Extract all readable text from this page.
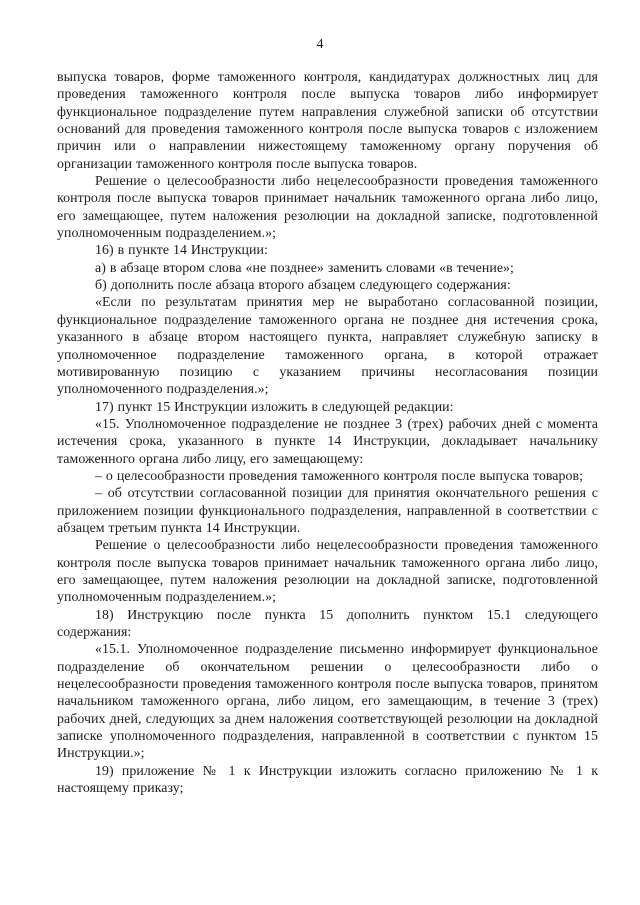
4

выпуска товаров, форме таможенного контроля, кандидатурах должностных лиц для проведения таможенного контроля после выпуска товаров либо информирует функциональное подразделение путем направления служебной записки об отсутствии оснований для проведения таможенного контроля после выпуска товаров с изложением причин или о направлении нижестоящему таможенному органу поручения об организации таможенного контроля после выпуска товаров.

Решение о целесообразности либо нецелесообразности проведения таможенного контроля после выпуска товаров принимает начальник таможенного органа либо лицо, его замещающее, путем наложения резолюции на докладной записке, подготовленной уполномоченным подразделением.»;

16) в пункте 14 Инструкции:

а) в абзаце втором слова «не позднее» заменить словами «в течение»;

б) дополнить после абзаца второго абзацем следующего содержания:

«Если по результатам принятия мер не выработано согласованной позиции, функциональное подразделение таможенного органа не позднее дня истечения срока, указанного в абзаце втором настоящего пункта, направляет служебную записку в уполномоченное подразделение таможенного органа, в которой отражает мотивированную позицию с указанием причины несогласования позиции уполномоченного подразделения.»;

17) пункт 15 Инструкции изложить в следующей редакции:

«15. Уполномоченное подразделение не позднее 3 (трех) рабочих дней с момента истечения срока, указанного в пункте 14 Инструкции, докладывает начальнику таможенного органа либо лицу, его замещающему:

– о целесообразности проведения таможенного контроля после выпуска товаров;

– об отсутствии согласованной позиции для принятия окончательного решения с приложением позиции функционального подразделения, направленной в соответствии с абзацем третьим пункта 14 Инструкции.

Решение о целесообразности либо нецелесообразности проведения таможенного контроля после выпуска товаров принимает начальник таможенного органа либо лицо, его замещающее, путем наложения резолюции на докладной записке, подготовленной уполномоченным подразделением.»;

18) Инструкцию после пункта 15 дополнить пунктом 15.1 следующего содержания:

«15.1. Уполномоченное подразделение письменно информирует функциональное подразделение об окончательном решении о целесообразности либо о нецелесообразности проведения таможенного контроля после выпуска товаров, принятом начальником таможенного органа, либо лицом, его замещающим, в течение 3 (трех) рабочих дней, следующих за днем наложения соответствующей резолюции на докладной записке уполномоченного подразделения, направленной в соответствии с пунктом 15 Инструкции.»;

19) приложение № 1 к Инструкции изложить согласно приложению № 1 к настоящему приказу;
